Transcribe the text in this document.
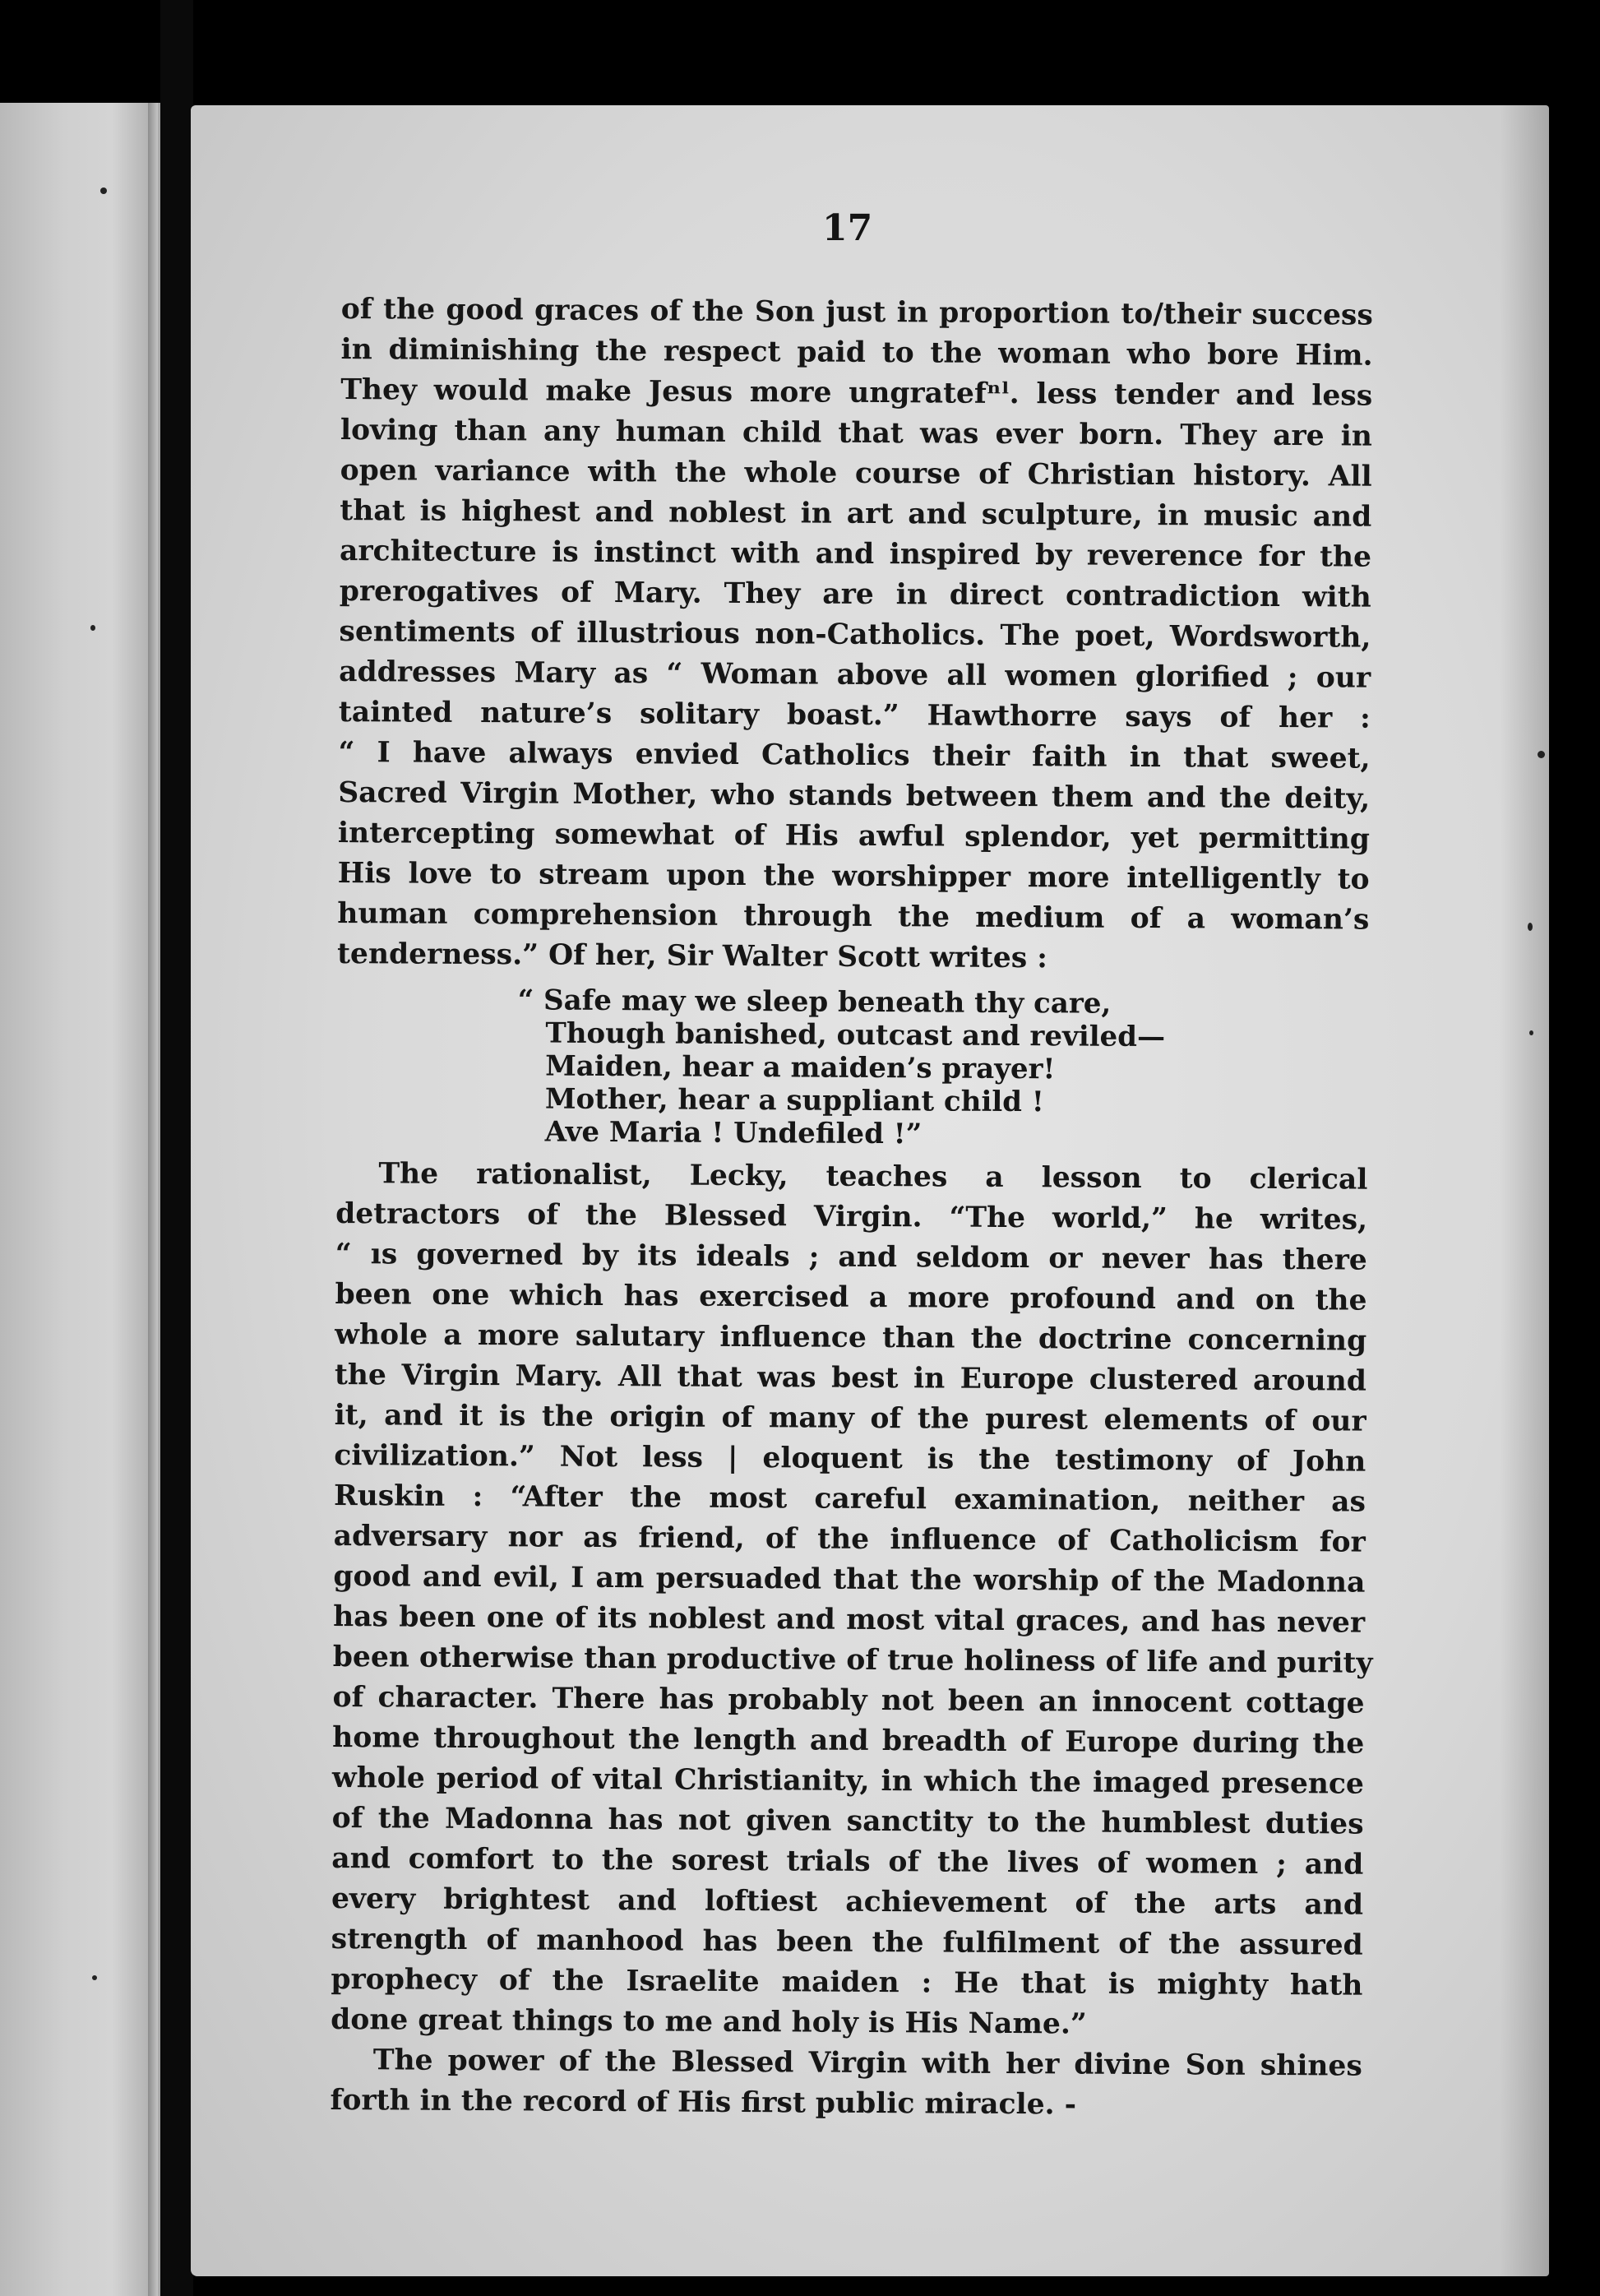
17
of the good graces of the Son just in proportion to/their success
in diminishing the respect paid to the woman who bore Him.
They would make Jesus more ungratefⁿˡ. less tender and less
loving than any human child that was ever born. They are in
open variance with the whole course of Christian history. All
that is highest and noblest in art and sculpture, in music and
architecture is instinct with and inspired by reverence for the
prerogatives of Mary. They are in direct contradiction with
sentiments of illustrious non-Catholics. The poet, Wordsworth,
addresses Mary as “ Woman above all women glorified ; our
tainted nature’s solitary boast.” Hawthorre says of her :
“ I have always envied Catholics their faith in that sweet,
Sacred Virgin Mother, who stands between them and the deity,
intercepting somewhat of His awful splendor, yet permitting
His love to stream upon the worshipper more intelligently to
human comprehension through the medium of a woman’s
tenderness.” Of her, Sir Walter Scott writes :
“ Safe may we sleep beneath thy care,
Though banished, outcast and reviled—
Maiden, hear a maiden’s prayer!
Mother, hear a suppliant child !
Ave Maria ! Undefiled !”
The rationalist, Lecky, teaches a lesson to clerical
detractors of the Blessed Virgin. “The world,” he writes,
“ ıs governed by its ideals ; and seldom or never has there
been one which has exercised a more profound and on the
whole a more salutary influence than the doctrine concerning
the Virgin Mary. All that was best in Europe clustered around
it, and it is the origin of many of the purest elements of our
civilization.” Not less | eloquent is the testimony of John
Ruskin : “After the most careful examination, neither as
adversary nor as friend, of the influence of Catholicism for
good and evil, I am persuaded that the worship of the Madonna
has been one of its noblest and most vital graces, and has never
been otherwise than productive of true holiness of life and purity
of character. There has probably not been an innocent cottage
home throughout the length and breadth of Europe during the
whole period of vital Christianity, in which the imaged presence
of the Madonna has not given sanctity to the humblest duties
and comfort to the sorest trials of the lives of women ; and
every brightest and loftiest achievement of the arts and
strength of manhood has been the fulfilment of the assured
prophecy of the Israelite maiden : He that is mighty hath
done great things to me and holy is His Name.”
The power of the Blessed Virgin with her divine Son shines
forth in the record of His first public miracle. -
